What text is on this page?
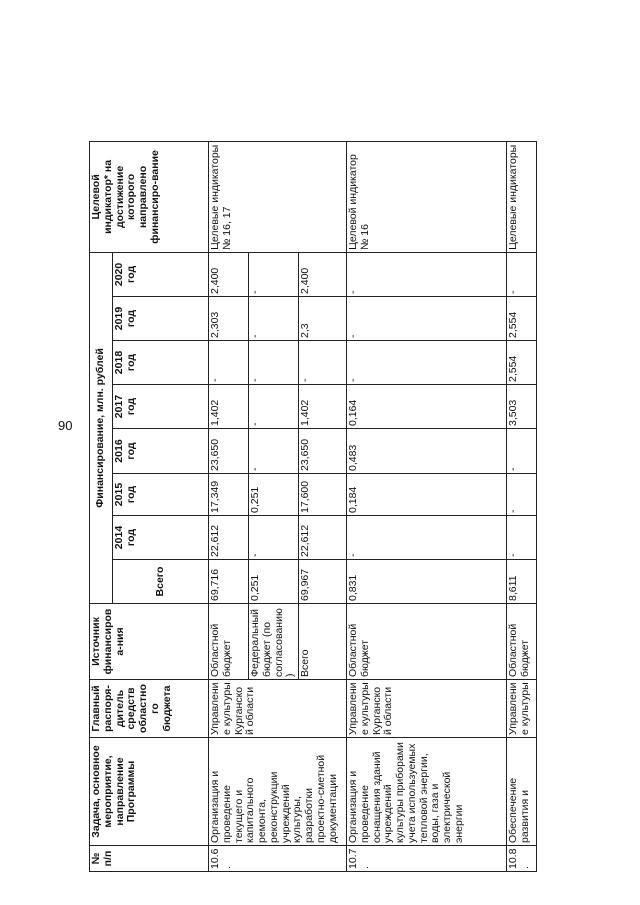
90
№ п/п	Задача, основное мероприятие, направление Программы	Главный распоря-дитель средств областного бюджета	Источник финансирова-ния	Финансирование, млн. рублей								Целевой индикатор* на достижение которого направлено финансиро-вание
				Всего	2014 год	2015 год	2016 год	2017 год	2018 год	2019 год	2020 год	
10.6.	Организация и проведение текущего и капитального ремонта, реконструкции учреждений культуры, разработки проектно-сметной документации	Управление культуры Курганской области	Областной бюджет	69,716	22,612	17,349	23,650	1,402	-	2,303	2,400	Целевые индикаторы № 16, 17
			Федеральный бюджет (по согласованию)	0,251	-	0,251	-	-	-	-	-	
			Всего	69,967	22,612	17,600	23,650	1,402	-	2,3	2,400	
10.7.	Организация и проведение оснащения зданий учреждений культуры приборами учета используемых тепловой энергии, воды, газа и электрической энергии	Управление культуры Курганской области	Областной бюджет	0,831	-	0,184	0,483	0,164	-	-	-	Целевой индикатор № 16
10.8.	Обеспечение развития и	Управление культуры	Областной бюджет	8,611	-	-	-	3,503	2,554	2,554	-	Целевые индикаторы
